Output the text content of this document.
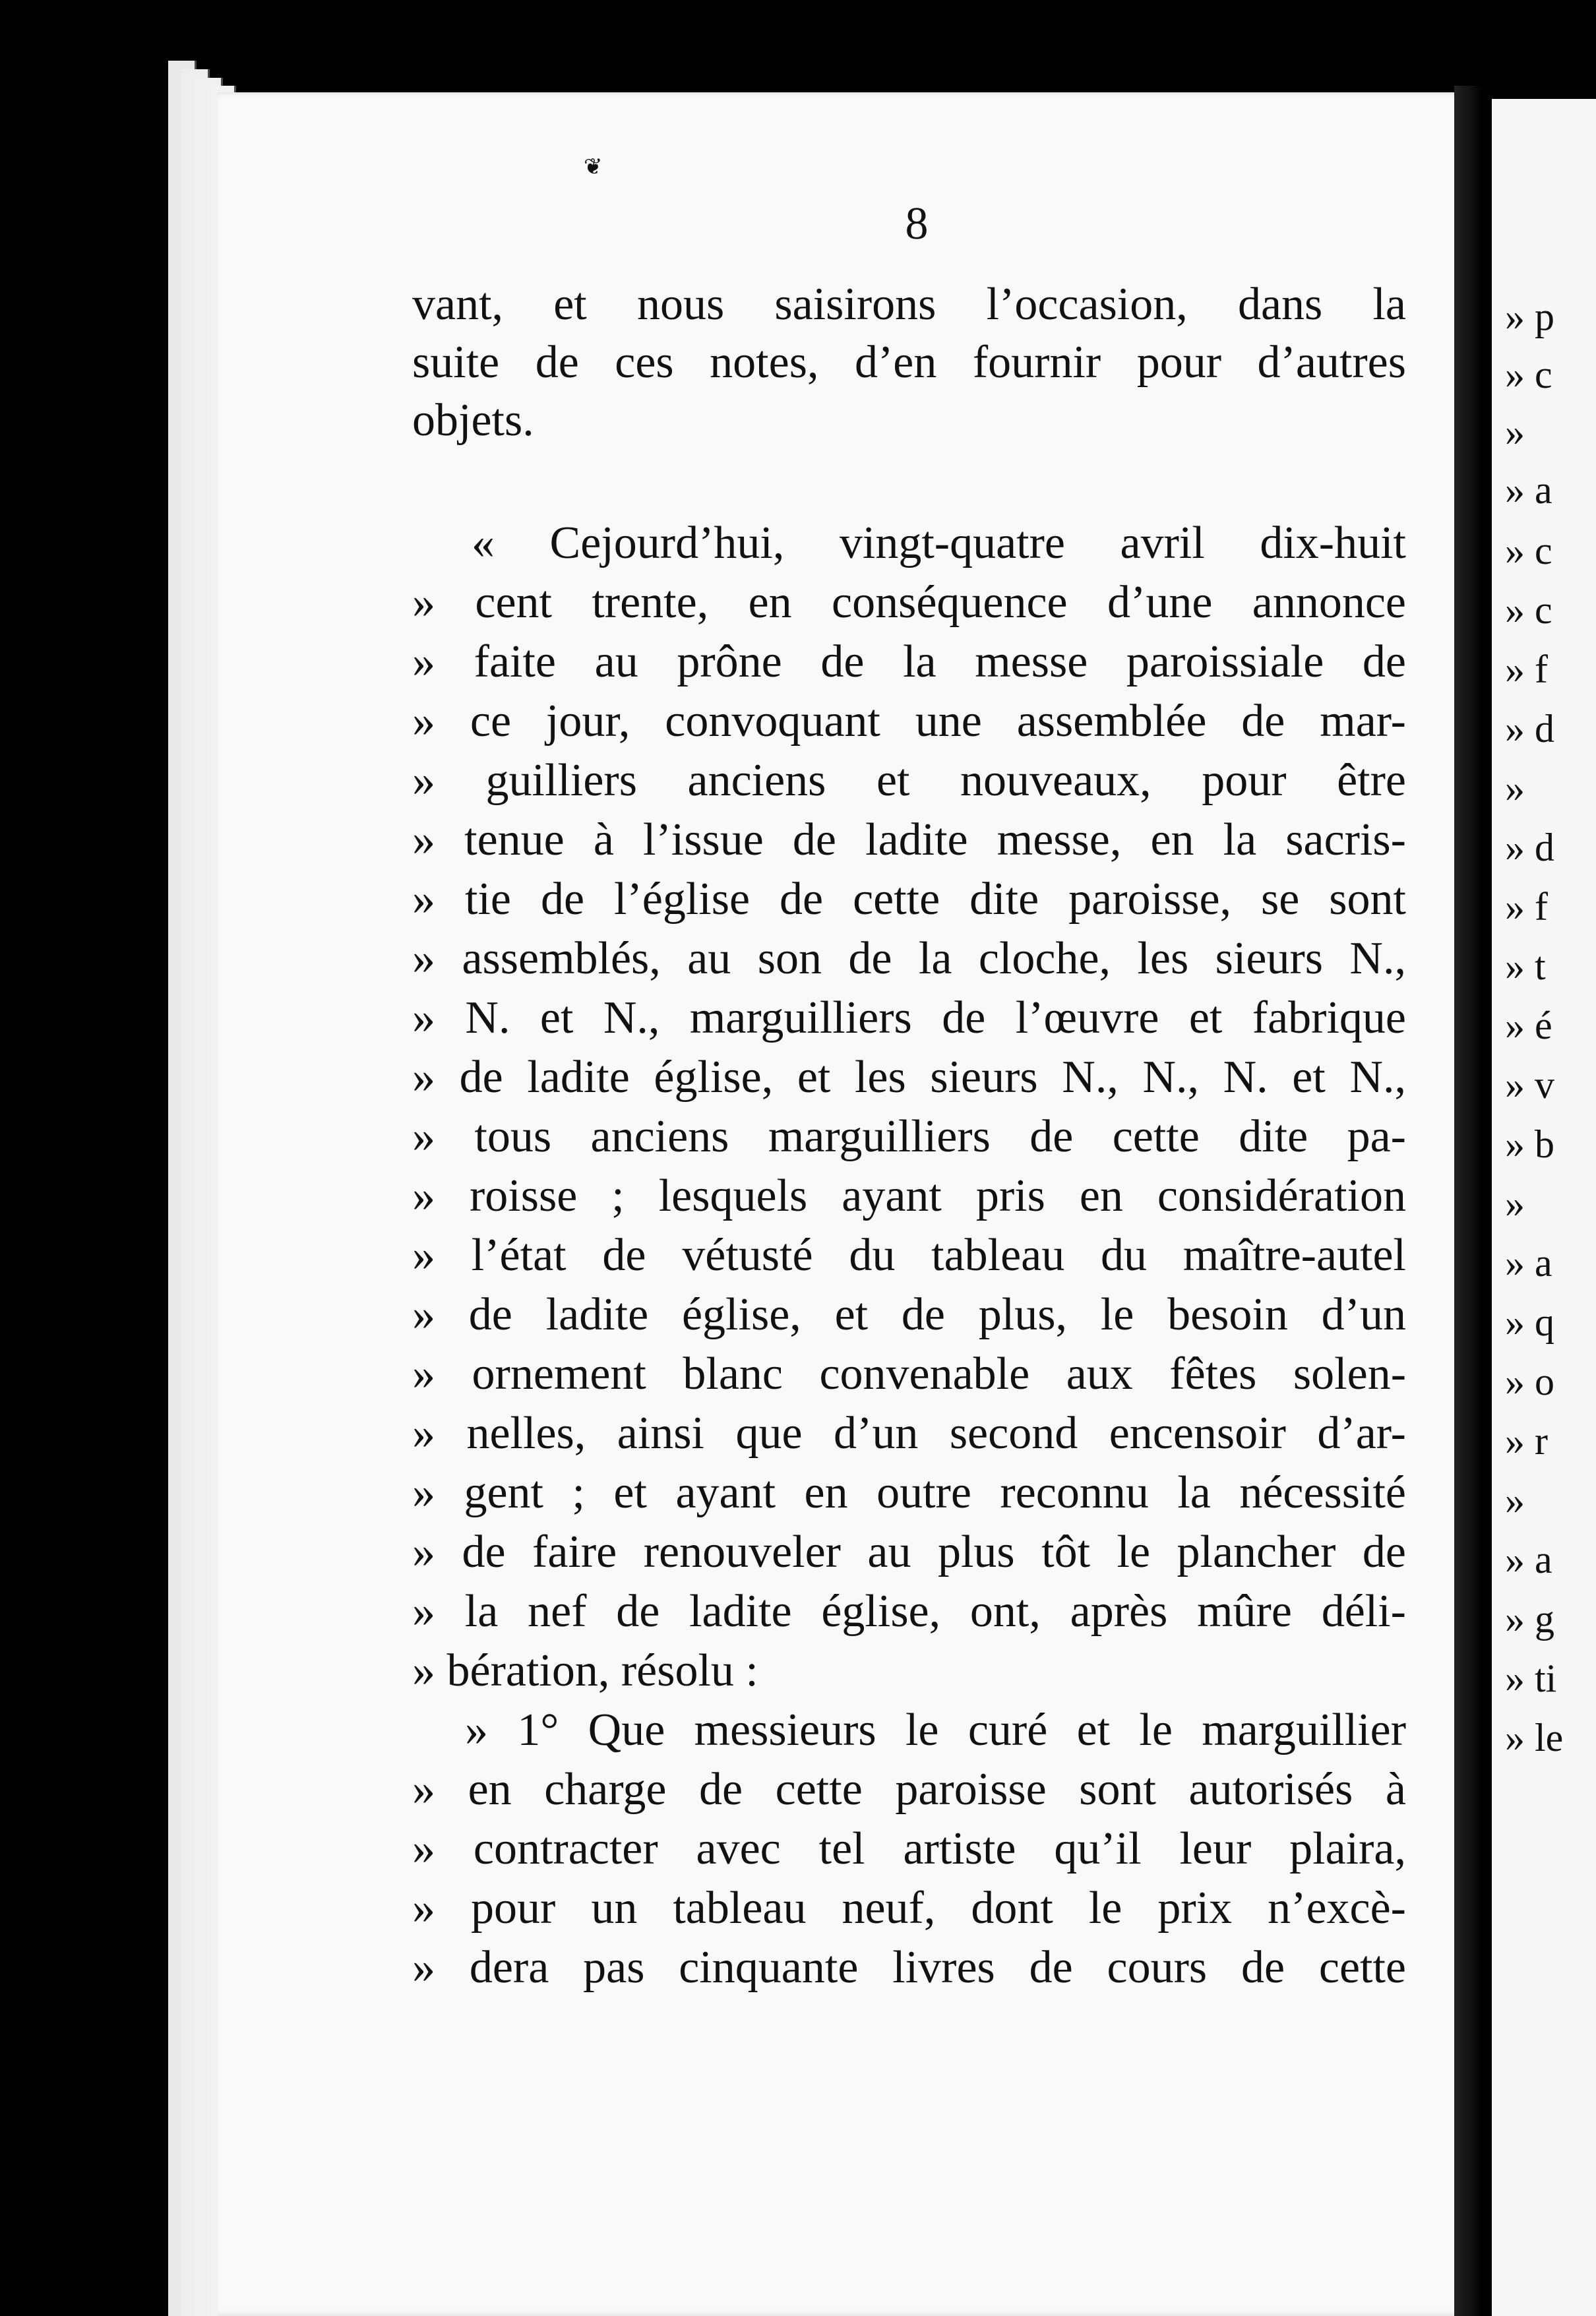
» p
» c
»
» a
» c
» c
» f
» d
»
» d
» f
» t
» é
» v
» b
»
» a
» q
» o
» r
»
» a
» g
» ti
» le
❦
8
vant, et nous saisirons l’occasion, dans la
suite de ces notes, d’en fournir pour d’autres
objets.
« Cejourd’hui, vingt-quatre avril dix-huit
» cent trente, en conséquence d’une annonce
» faite au prône de la messe paroissiale de
» ce jour, convoquant une assemblée de mar-
» guilliers anciens et nouveaux, pour être
» tenue à l’issue de ladite messe, en la sacris-
» tie de l’église de cette dite paroisse, se sont
» assemblés, au son de la cloche, les sieurs N.,
» N. et N., marguilliers de l’œuvre et fabrique
» de ladite église, et les sieurs N., N., N. et N.,
» tous anciens marguilliers de cette dite pa-
» roisse ; lesquels ayant pris en considération
» l’état de vétusté du tableau du maître-autel
» de ladite église, et de plus, le besoin d’un
» ornement blanc convenable aux fêtes solen-
» nelles, ainsi que d’un second encensoir d’ar-
» gent ; et ayant en outre reconnu la nécessité
» de faire renouveler au plus tôt le plancher de
» la nef de ladite église, ont, après mûre déli-
» bération, résolu :
» 1° Que messieurs le curé et le marguillier
» en charge de cette paroisse sont autorisés à
» contracter avec tel artiste qu’il leur plaira,
» pour un tableau neuf, dont le prix n’excè-
» dera pas cinquante livres de cours de cette
